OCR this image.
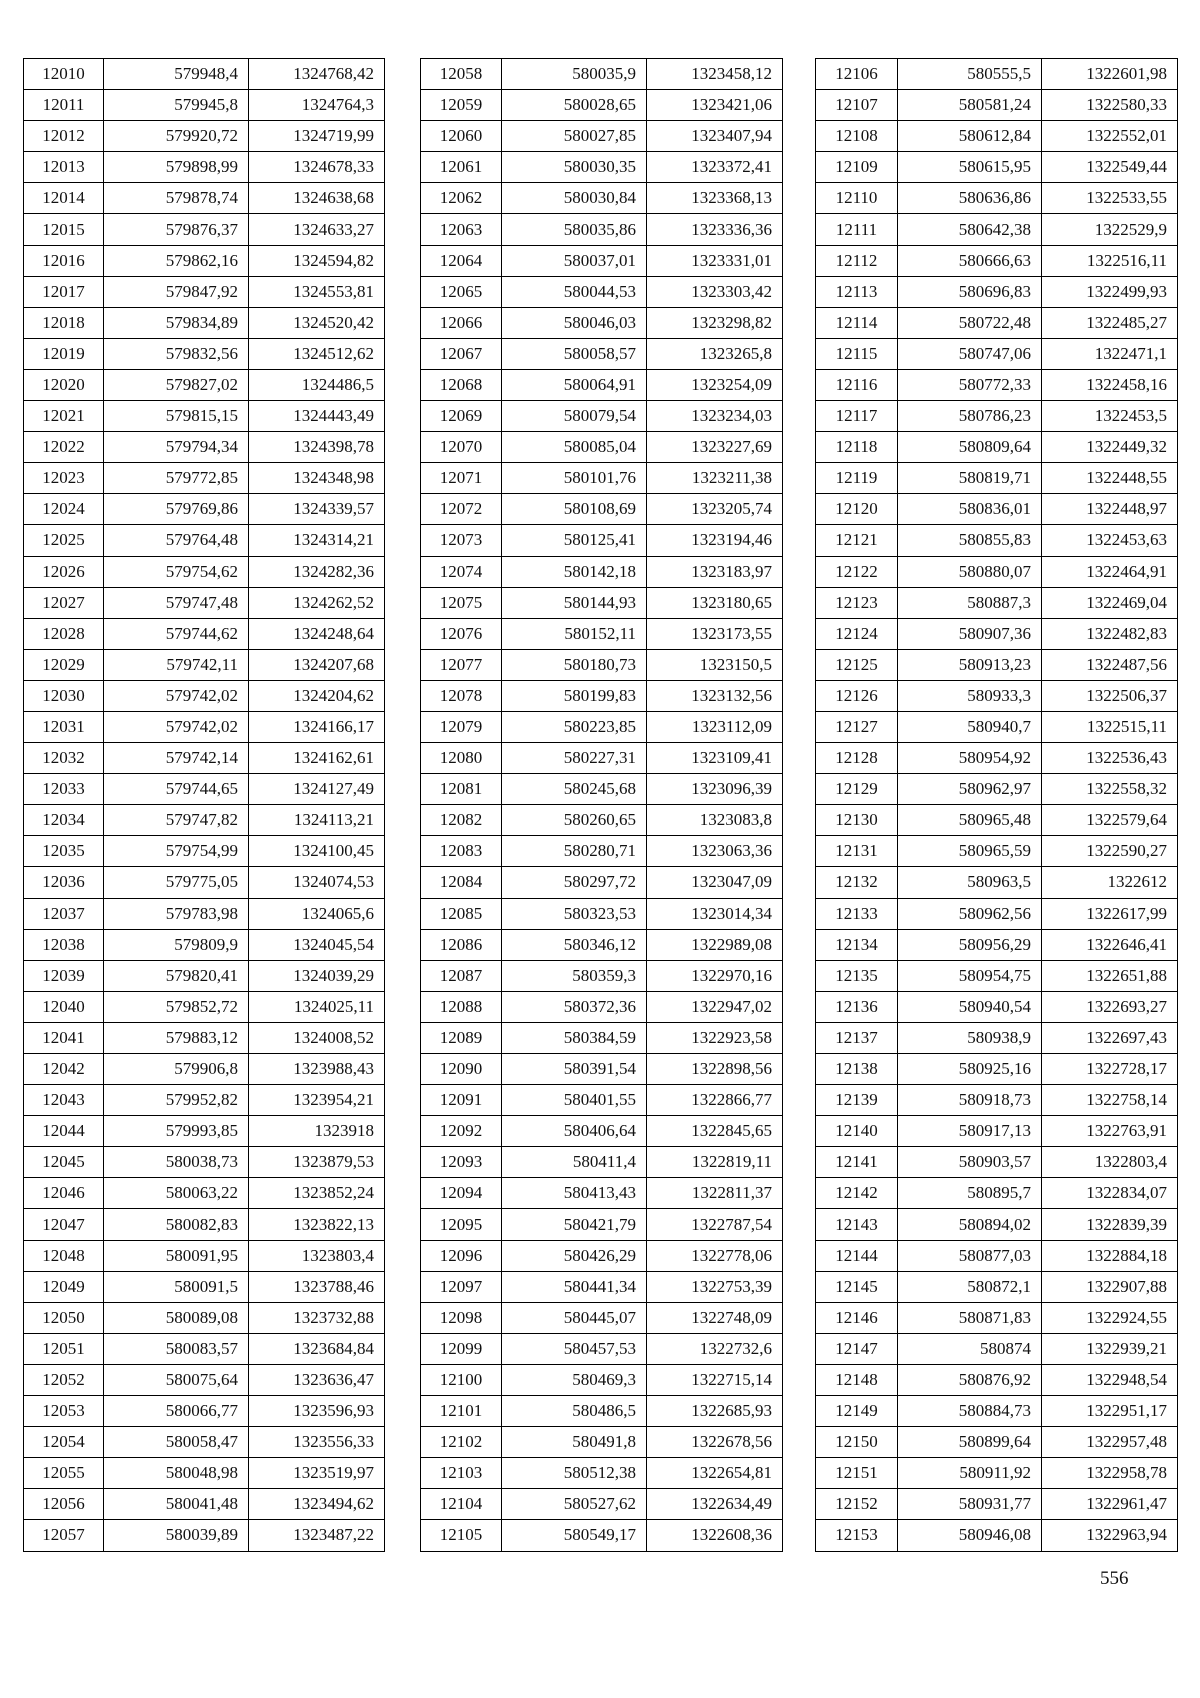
12010	579948,4	1324768,42
12011	579945,8	1324764,3
12012	579920,72	1324719,99
12013	579898,99	1324678,33
12014	579878,74	1324638,68
12015	579876,37	1324633,27
12016	579862,16	1324594,82
12017	579847,92	1324553,81
12018	579834,89	1324520,42
12019	579832,56	1324512,62
12020	579827,02	1324486,5
12021	579815,15	1324443,49
12022	579794,34	1324398,78
12023	579772,85	1324348,98
12024	579769,86	1324339,57
12025	579764,48	1324314,21
12026	579754,62	1324282,36
12027	579747,48	1324262,52
12028	579744,62	1324248,64
12029	579742,11	1324207,68
12030	579742,02	1324204,62
12031	579742,02	1324166,17
12032	579742,14	1324162,61
12033	579744,65	1324127,49
12034	579747,82	1324113,21
12035	579754,99	1324100,45
12036	579775,05	1324074,53
12037	579783,98	1324065,6
12038	579809,9	1324045,54
12039	579820,41	1324039,29
12040	579852,72	1324025,11
12041	579883,12	1324008,52
12042	579906,8	1323988,43
12043	579952,82	1323954,21
12044	579993,85	1323918
12045	580038,73	1323879,53
12046	580063,22	1323852,24
12047	580082,83	1323822,13
12048	580091,95	1323803,4
12049	580091,5	1323788,46
12050	580089,08	1323732,88
12051	580083,57	1323684,84
12052	580075,64	1323636,47
12053	580066,77	1323596,93
12054	580058,47	1323556,33
12055	580048,98	1323519,97
12056	580041,48	1323494,62
12057	580039,89	1323487,22
12058	580035,9	1323458,12
12059	580028,65	1323421,06
12060	580027,85	1323407,94
12061	580030,35	1323372,41
12062	580030,84	1323368,13
12063	580035,86	1323336,36
12064	580037,01	1323331,01
12065	580044,53	1323303,42
12066	580046,03	1323298,82
12067	580058,57	1323265,8
12068	580064,91	1323254,09
12069	580079,54	1323234,03
12070	580085,04	1323227,69
12071	580101,76	1323211,38
12072	580108,69	1323205,74
12073	580125,41	1323194,46
12074	580142,18	1323183,97
12075	580144,93	1323180,65
12076	580152,11	1323173,55
12077	580180,73	1323150,5
12078	580199,83	1323132,56
12079	580223,85	1323112,09
12080	580227,31	1323109,41
12081	580245,68	1323096,39
12082	580260,65	1323083,8
12083	580280,71	1323063,36
12084	580297,72	1323047,09
12085	580323,53	1323014,34
12086	580346,12	1322989,08
12087	580359,3	1322970,16
12088	580372,36	1322947,02
12089	580384,59	1322923,58
12090	580391,54	1322898,56
12091	580401,55	1322866,77
12092	580406,64	1322845,65
12093	580411,4	1322819,11
12094	580413,43	1322811,37
12095	580421,79	1322787,54
12096	580426,29	1322778,06
12097	580441,34	1322753,39
12098	580445,07	1322748,09
12099	580457,53	1322732,6
12100	580469,3	1322715,14
12101	580486,5	1322685,93
12102	580491,8	1322678,56
12103	580512,38	1322654,81
12104	580527,62	1322634,49
12105	580549,17	1322608,36
12106	580555,5	1322601,98
12107	580581,24	1322580,33
12108	580612,84	1322552,01
12109	580615,95	1322549,44
12110	580636,86	1322533,55
12111	580642,38	1322529,9
12112	580666,63	1322516,11
12113	580696,83	1322499,93
12114	580722,48	1322485,27
12115	580747,06	1322471,1
12116	580772,33	1322458,16
12117	580786,23	1322453,5
12118	580809,64	1322449,32
12119	580819,71	1322448,55
12120	580836,01	1322448,97
12121	580855,83	1322453,63
12122	580880,07	1322464,91
12123	580887,3	1322469,04
12124	580907,36	1322482,83
12125	580913,23	1322487,56
12126	580933,3	1322506,37
12127	580940,7	1322515,11
12128	580954,92	1322536,43
12129	580962,97	1322558,32
12130	580965,48	1322579,64
12131	580965,59	1322590,27
12132	580963,5	1322612
12133	580962,56	1322617,99
12134	580956,29	1322646,41
12135	580954,75	1322651,88
12136	580940,54	1322693,27
12137	580938,9	1322697,43
12138	580925,16	1322728,17
12139	580918,73	1322758,14
12140	580917,13	1322763,91
12141	580903,57	1322803,4
12142	580895,7	1322834,07
12143	580894,02	1322839,39
12144	580877,03	1322884,18
12145	580872,1	1322907,88
12146	580871,83	1322924,55
12147	580874	1322939,21
12148	580876,92	1322948,54
12149	580884,73	1322951,17
12150	580899,64	1322957,48
12151	580911,92	1322958,78
12152	580931,77	1322961,47
12153	580946,08	1322963,94
556
